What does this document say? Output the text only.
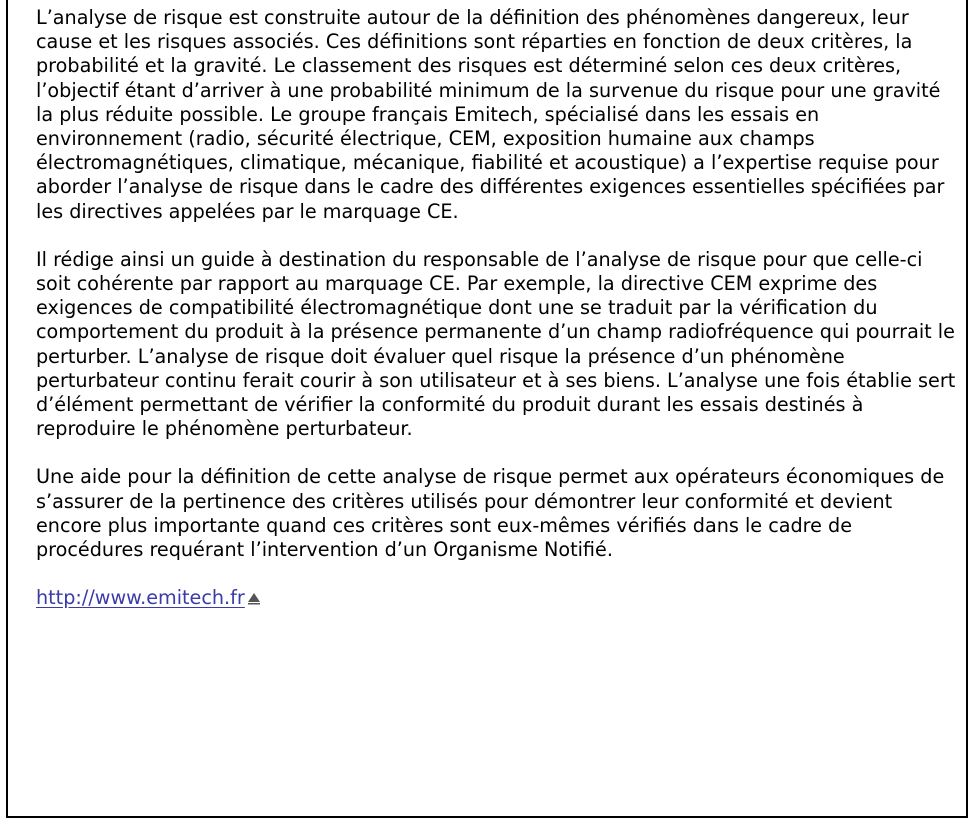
L’analyse de risque est construite autour de la définition des phénomènes dangereux, leur cause et les risques associés. Ces définitions sont réparties en fonction de deux critères, la probabilité et la gravité. Le classement des risques est déterminé selon ces deux critères, l’objectif étant d’arriver à une probabilité minimum de la survenue du risque pour une gravité la plus réduite possible. Le groupe français Emitech, spécialisé dans les essais en environnement (radio, sécurité électrique, CEM, exposition humaine aux champs électromagnétiques, climatique, mécanique, fiabilité et acoustique) a l’expertise requise pour aborder l’analyse de risque dans le cadre des différentes exigences essentielles spécifiées par les directives appelées par le marquage CE.

Il rédige ainsi un guide à destination du responsable de l’analyse de risque pour que celle-ci soit cohérente par rapport au marquage CE. Par exemple, la directive CEM exprime des exigences de compatibilité électromagnétique dont une se traduit par la vérification du comportement du produit à la présence permanente d’un champ radiofréquence qui pourrait le perturber. L’analyse de risque doit évaluer quel risque la présence d’un phénomène perturbateur continu ferait courir à son utilisateur et à ses biens. L’analyse une fois établie sert d’élément permettant de vérifier la conformité du produit durant les essais destinés à reproduire le phénomène perturbateur.

Une aide pour la définition de cette analyse de risque permet aux opérateurs économiques de s’assurer de la pertinence des critères utilisés pour démontrer leur conformité et devient encore plus importante quand ces critères sont eux-mêmes vérifiés dans le cadre de procédures requérant l’intervention d’un Organisme Notifié.

http://www.emitech.fr
